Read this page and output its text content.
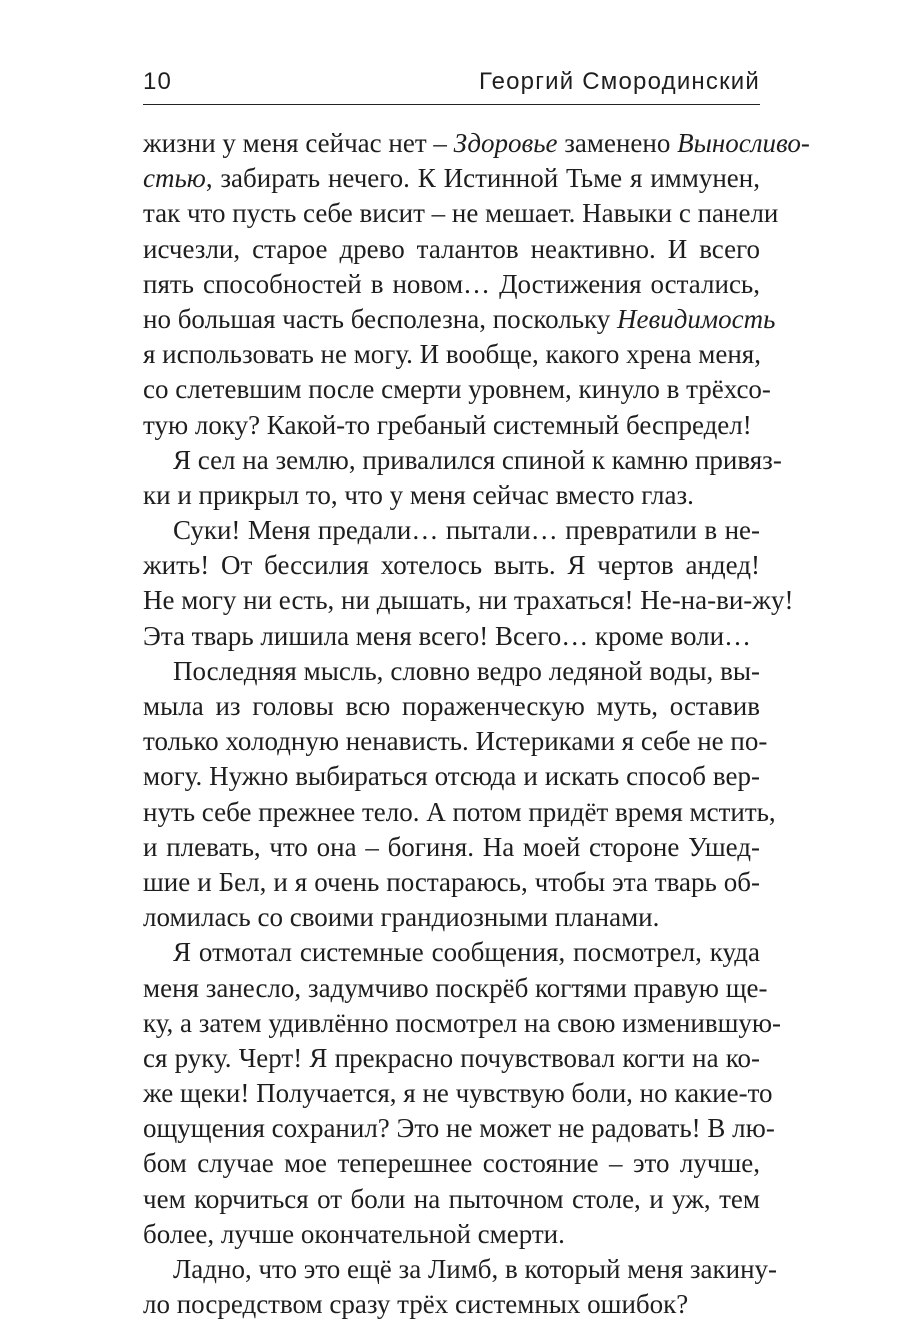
10	Георгий Смородинский
жизни у меня сейчас нет – Здоровье заменено Выносливо-
стью, забирать нечего. К Истинной Тьме я иммунен,
так что пусть себе висит – не мешает. Навыки с панели
исчезли, старое древо талантов неактивно. И всего
пять способностей в новом… Достижения остались,
но большая часть бесполезна, поскольку Невидимость
я использовать не могу. И вообще, какого хрена меня,
со слетевшим после смерти уровнем, кинуло в трёхсо-
тую локу? Какой-то гребаный системный беспредел!
Я сел на землю, привалился спиной к камню привяз-
ки и прикрыл то, что у меня сейчас вместо глаз.
Суки! Меня предали… пытали… превратили в не-
жить! От бессилия хотелось выть. Я чертов андед!
Не могу ни есть, ни дышать, ни трахаться! Не-на-ви-жу!
Эта тварь лишила меня всего! Всего… кроме воли…
Последняя мысль, словно ведро ледяной воды, вы-
мыла из головы всю пораженческую муть, оставив
только холодную ненависть. Истериками я себе не по-
могу. Нужно выбираться отсюда и искать способ вер-
нуть себе прежнее тело. А потом придёт время мстить,
и плевать, что она – богиня. На моей стороне Ушед-
шие и Бел, и я очень постараюсь, чтобы эта тварь об-
ломилась со своими грандиозными планами.
Я отмотал системные сообщения, посмотрел, куда
меня занесло, задумчиво поскрёб когтями правую ще-
ку, а затем удивлённо посмотрел на свою изменившую-
ся руку. Черт! Я прекрасно почувствовал когти на ко-
же щеки! Получается, я не чувствую боли, но какие-то
ощущения сохранил? Это не может не радовать! В лю-
бом случае мое теперешнее состояние – это лучше,
чем корчиться от боли на пыточном столе, и уж, тем
более, лучше окончательной смерти.
Ладно, что это ещё за Лимб, в который меня закину-
ло посредством сразу трёх системных ошибок?
